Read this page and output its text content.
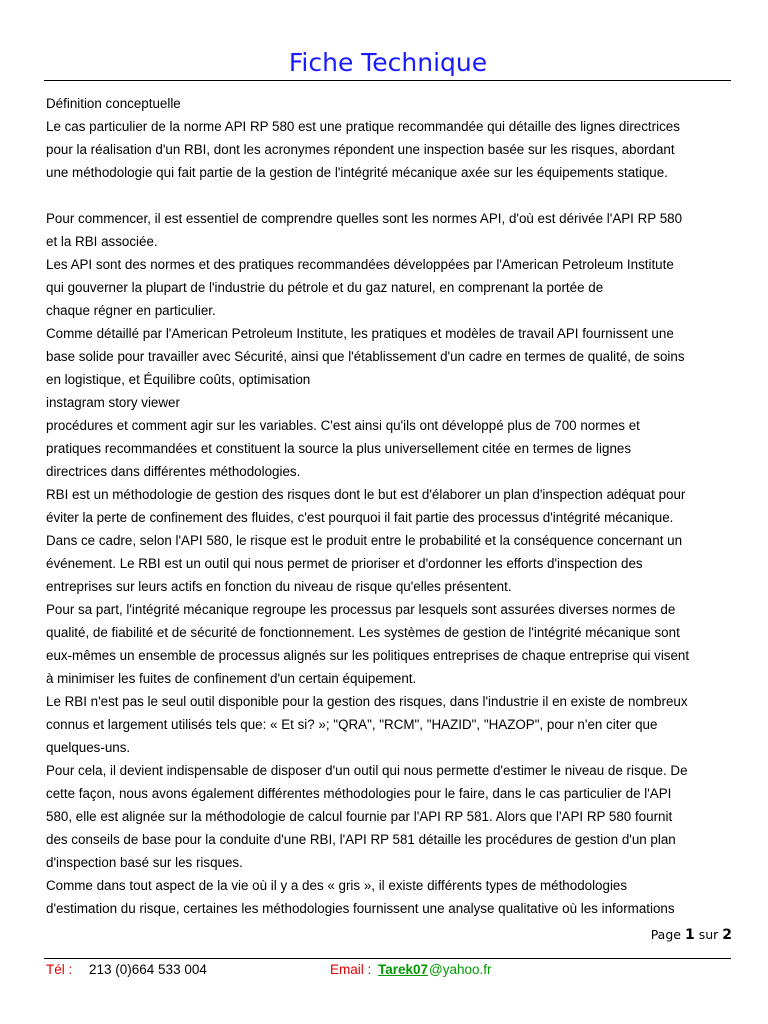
Fiche Technique
Définition conceptuelle
Le cas particulier de la norme API RP 580 est une pratique recommandée qui détaille des lignes directrices
pour la réalisation d'un RBI, dont les acronymes répondent une inspection basée sur les risques, abordant
une méthodologie qui fait partie de la gestion de l'intégrité mécanique axée sur les équipements statique.
Pour commencer, il est essentiel de comprendre quelles sont les normes API, d'où est dérivée l'API RP 580
et la RBI associée.
Les API sont des normes et des pratiques recommandées développées par l'American Petroleum Institute
qui gouverner la plupart de l'industrie du pétrole et du gaz naturel, en comprenant la portée de
chaque régner en particulier.
Comme détaillé par l'American Petroleum Institute, les pratiques et modèles de travail API fournissent une
base solide pour travailler avec Sécurité, ainsi que l'établissement d'un cadre en termes de qualité, de soins
en logistique, et Équilibre coûts, optimisation
instagram story viewer
procédures et comment agir sur les variables. C'est ainsi qu'ils ont développé plus de 700 normes et
pratiques recommandées et constituent la source la plus universellement citée en termes de lignes
directrices dans différentes méthodologies.
RBI est un méthodologie de gestion des risques dont le but est d'élaborer un plan d'inspection adéquat pour
éviter la perte de confinement des fluides, c'est pourquoi il fait partie des processus d'intégrité mécanique.
Dans ce cadre, selon l'API 580, le risque est le produit entre le probabilité et la conséquence concernant un
événement. Le RBI est un outil qui nous permet de prioriser et d'ordonner les efforts d'inspection des
entreprises sur leurs actifs en fonction du niveau de risque qu'elles présentent.
Pour sa part, l'intégrité mécanique regroupe les processus par lesquels sont assurées diverses normes de
qualité, de fiabilité et de sécurité de fonctionnement. Les systèmes de gestion de l'intégrité mécanique sont
eux-mêmes un ensemble de processus alignés sur les politiques entreprises de chaque entreprise qui visent
à minimiser les fuites de confinement d'un certain équipement.
Le RBI n'est pas le seul outil disponible pour la gestion des risques, dans l'industrie il en existe de nombreux
connus et largement utilisés tels que: « Et si? »; "QRA", "RCM", "HAZID", "HAZOP", pour n'en citer que
quelques-uns.
Pour cela, il devient indispensable de disposer d'un outil qui nous permette d'estimer le niveau de risque. De
cette façon, nous avons également différentes méthodologies pour le faire, dans le cas particulier de l'API
580, elle est alignée sur la méthodologie de calcul fournie par l'API RP 581. Alors que l'API RP 580 fournit
des conseils de base pour la conduite d'une RBI, l'API RP 581 détaille les procédures de gestion d'un plan
d'inspection basé sur les risques.
Comme dans tout aspect de la vie où il y a des « gris », il existe différents types de méthodologies
d'estimation du risque, certaines les méthodologies fournissent une analyse qualitative où les informations
Page 1 sur 2
Tél : 213 (0)664 533 004	Email : Tarek07 @yahoo.fr
